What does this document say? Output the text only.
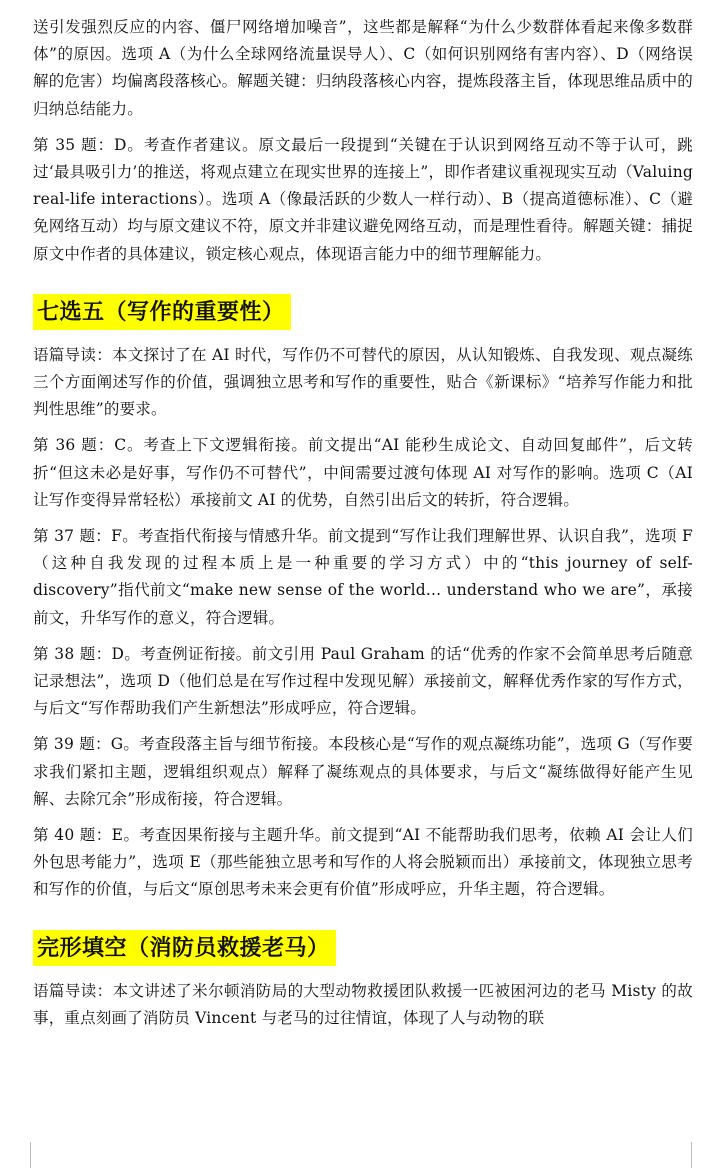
送引发强烈反应的内容、僵尸网络增加噪音”，这些都是解释“为什么少数群体看起来像多数群体”的原因。选项 A（为什么全球网络流量误导人）、C（如何识别网络有害内容）、D（网络误解的危害）均偏离段落核心。解题关键：归纳段落核心内容，提炼段落主旨，体现思维品质中的归纳总结能力。

第 35 题：D。考查作者建议。原文最后一段提到“关键在于认识到网络互动不等于认可，跳过‘最具吸引力’的推送，将观点建立在现实世界的连接上”，即作者建议重视现实互动（Valuing real-life interactions）。选项 A（像最活跃的少数人一样行动）、B（提高道德标准）、C（避免网络互动）均与原文建议不符，原文并非建议避免网络互动，而是理性看待。解题关键：捕捉原文中作者的具体建议，锁定核心观点，体现语言能力中的细节理解能力。

七选五（写作的重要性）

语篇导读：本文探讨了在 AI 时代，写作仍不可替代的原因，从认知锻炼、自我发现、观点凝练三个方面阐述写作的价值，强调独立思考和写作的重要性，贴合《新课标》“培养写作能力和批判性思维”的要求。

第 36 题：C。考查上下文逻辑衔接。前文提出“AI 能秒生成论文、自动回复邮件”，后文转折“但这未必是好事，写作仍不可替代”，中间需要过渡句体现 AI 对写作的影响。选项 C（AI 让写作变得异常轻松）承接前文 AI 的优势，自然引出后文的转折，符合逻辑。

第 37 题：F。考查指代衔接与情感升华。前文提到“写作让我们理解世界、认识自我”，选项 F（这种自我发现的过程本质上是一种重要的学习方式）中的“this journey of self-discovery”指代前文“make new sense of the world... understand who we are”，承接前文，升华写作的意义，符合逻辑。

第 38 题：D。考查例证衔接。前文引用 Paul Graham 的话“优秀的作家不会简单思考后随意记录想法”，选项 D（他们总是在写作过程中发现见解）承接前文，解释优秀作家的写作方式，与后文“写作帮助我们产生新想法”形成呼应，符合逻辑。

第 39 题：G。考查段落主旨与细节衔接。本段核心是“写作的观点凝练功能”，选项 G（写作要求我们紧扣主题，逻辑组织观点）解释了凝练观点的具体要求，与后文“凝练做得好能产生见解、去除冗余”形成衔接，符合逻辑。

第 40 题：E。考查因果衔接与主题升华。前文提到“AI 不能帮助我们思考，依赖 AI 会让人们外包思考能力”，选项 E（那些能独立思考和写作的人将会脱颖而出）承接前文，体现独立思考和写作的价值，与后文“原创思考未来会更有价值”形成呼应，升华主题，符合逻辑。

完形填空（消防员救援老马）

语篇导读：本文讲述了米尔顿消防局的大型动物救援团队救援一匹被困河边的老马 Misty 的故事，重点刻画了消防员 Vincent 与老马的过往情谊，体现了人与动物的联
